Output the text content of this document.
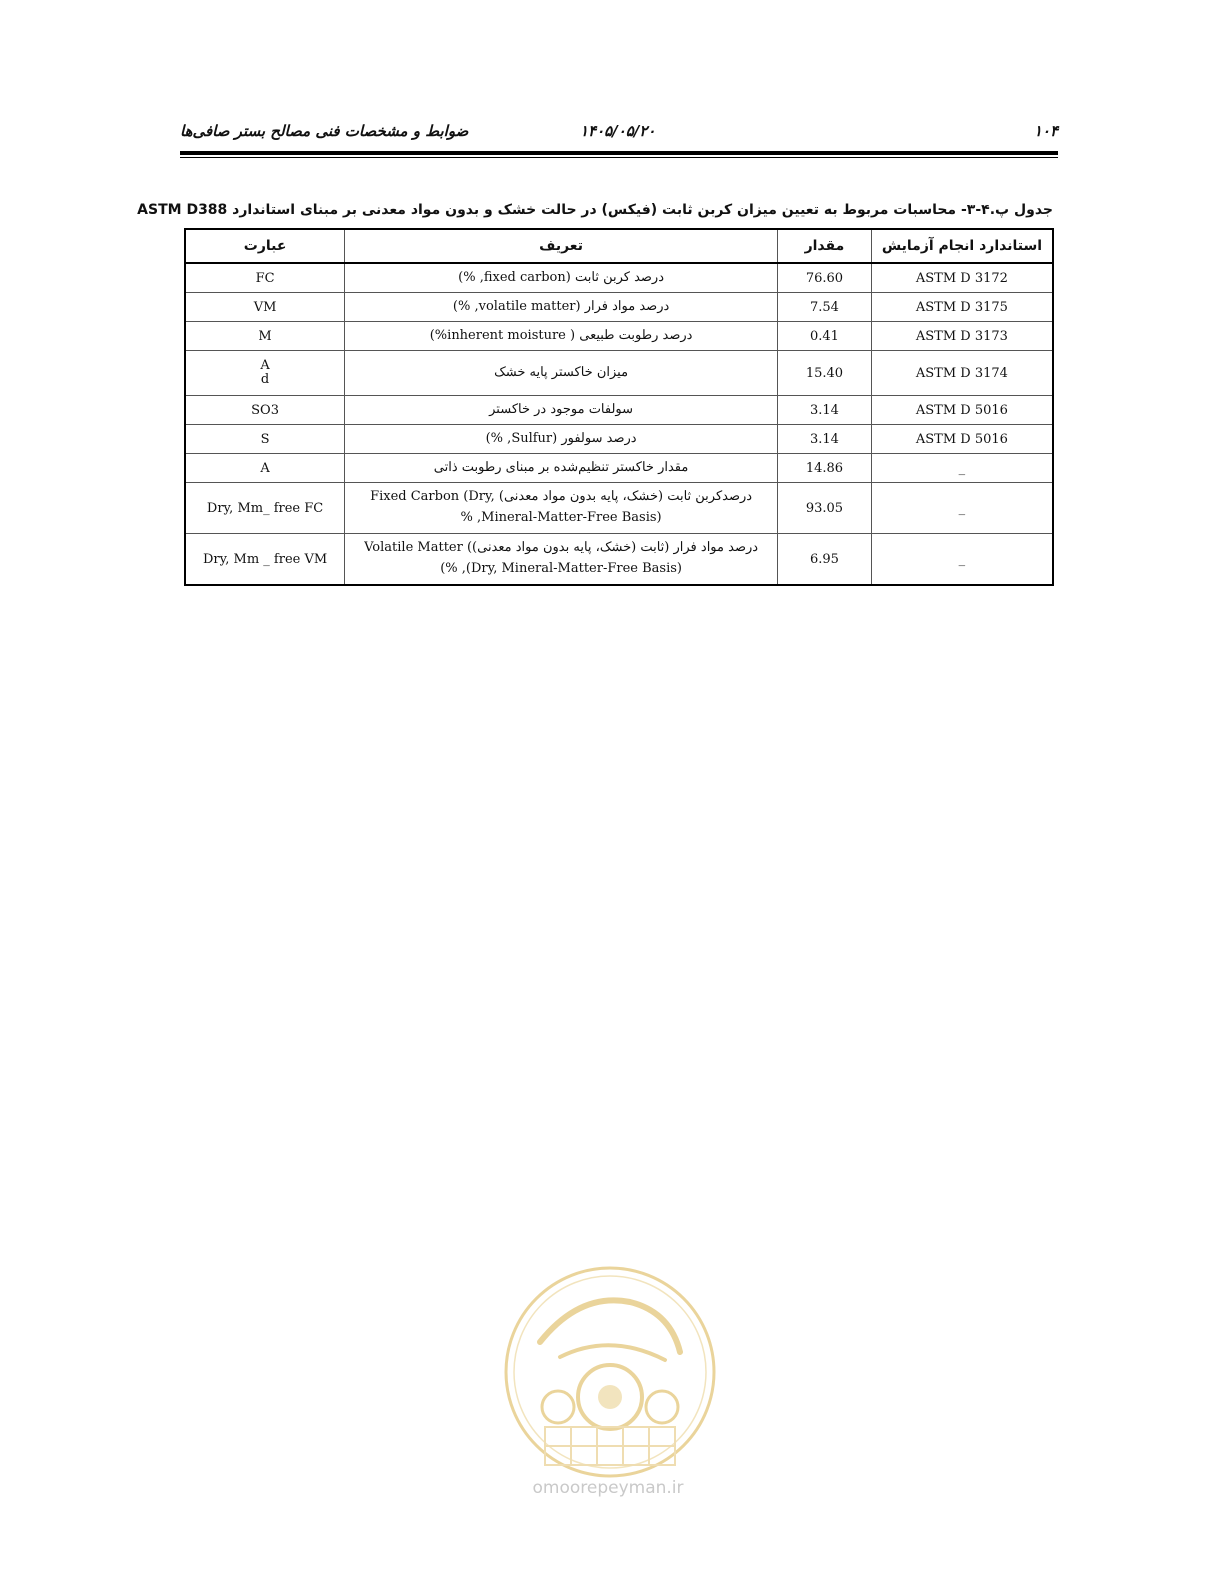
ضوابط و مشخصات فنی مصالح بستر صافی‌ها	۱۴۰۵/۰۵/۲۰	۱۰۴
جدول پ.۴-۳- محاسبات مربوط به تعیین میزان کربن ثابت (فیکس) در حالت خشک و بدون مواد معدنی بر مبنای استاندارد ASTM D388
استاندارد انجام آزمایش	مقدار	تعریف	عبارت
ASTM D 3172	76.60	درصد کربن ثابت (fixed carbon, %)	FC
ASTM D 3175	7.54	درصد مواد فرار (volatile matter, %)	VM
ASTM D 3173	0.41	درصد رطوبت طبیعی ( inherent moisture%)	M
ASTM D 3174	15.40	میزان خاکستر پایه خشک	A
d

ASTM D 5016	3.14	سولفات موجود در خاکستر	SO3
ASTM D 5016	3.14	درصد سولفور (Sulfur, %)	S
_	14.86	مقدار خاکستر تنظیم‌شده بر مبنای رطوبت ذاتی	A
_	93.05	درصدکربن ثابت (خشک، پایه بدون مواد معدنی) Fixed Carbon (Dry, Mineral-Matter-Free Basis), %	Dry, Mm_ free FC
_	6.95	درصد مواد فرار (ثابت (خشک، پایه بدون مواد معدنی)) Volatile Matter (Dry, Mineral-Matter-Free Basis), %)	Dry, Mm _ free VM
omoorepeyman.ir
